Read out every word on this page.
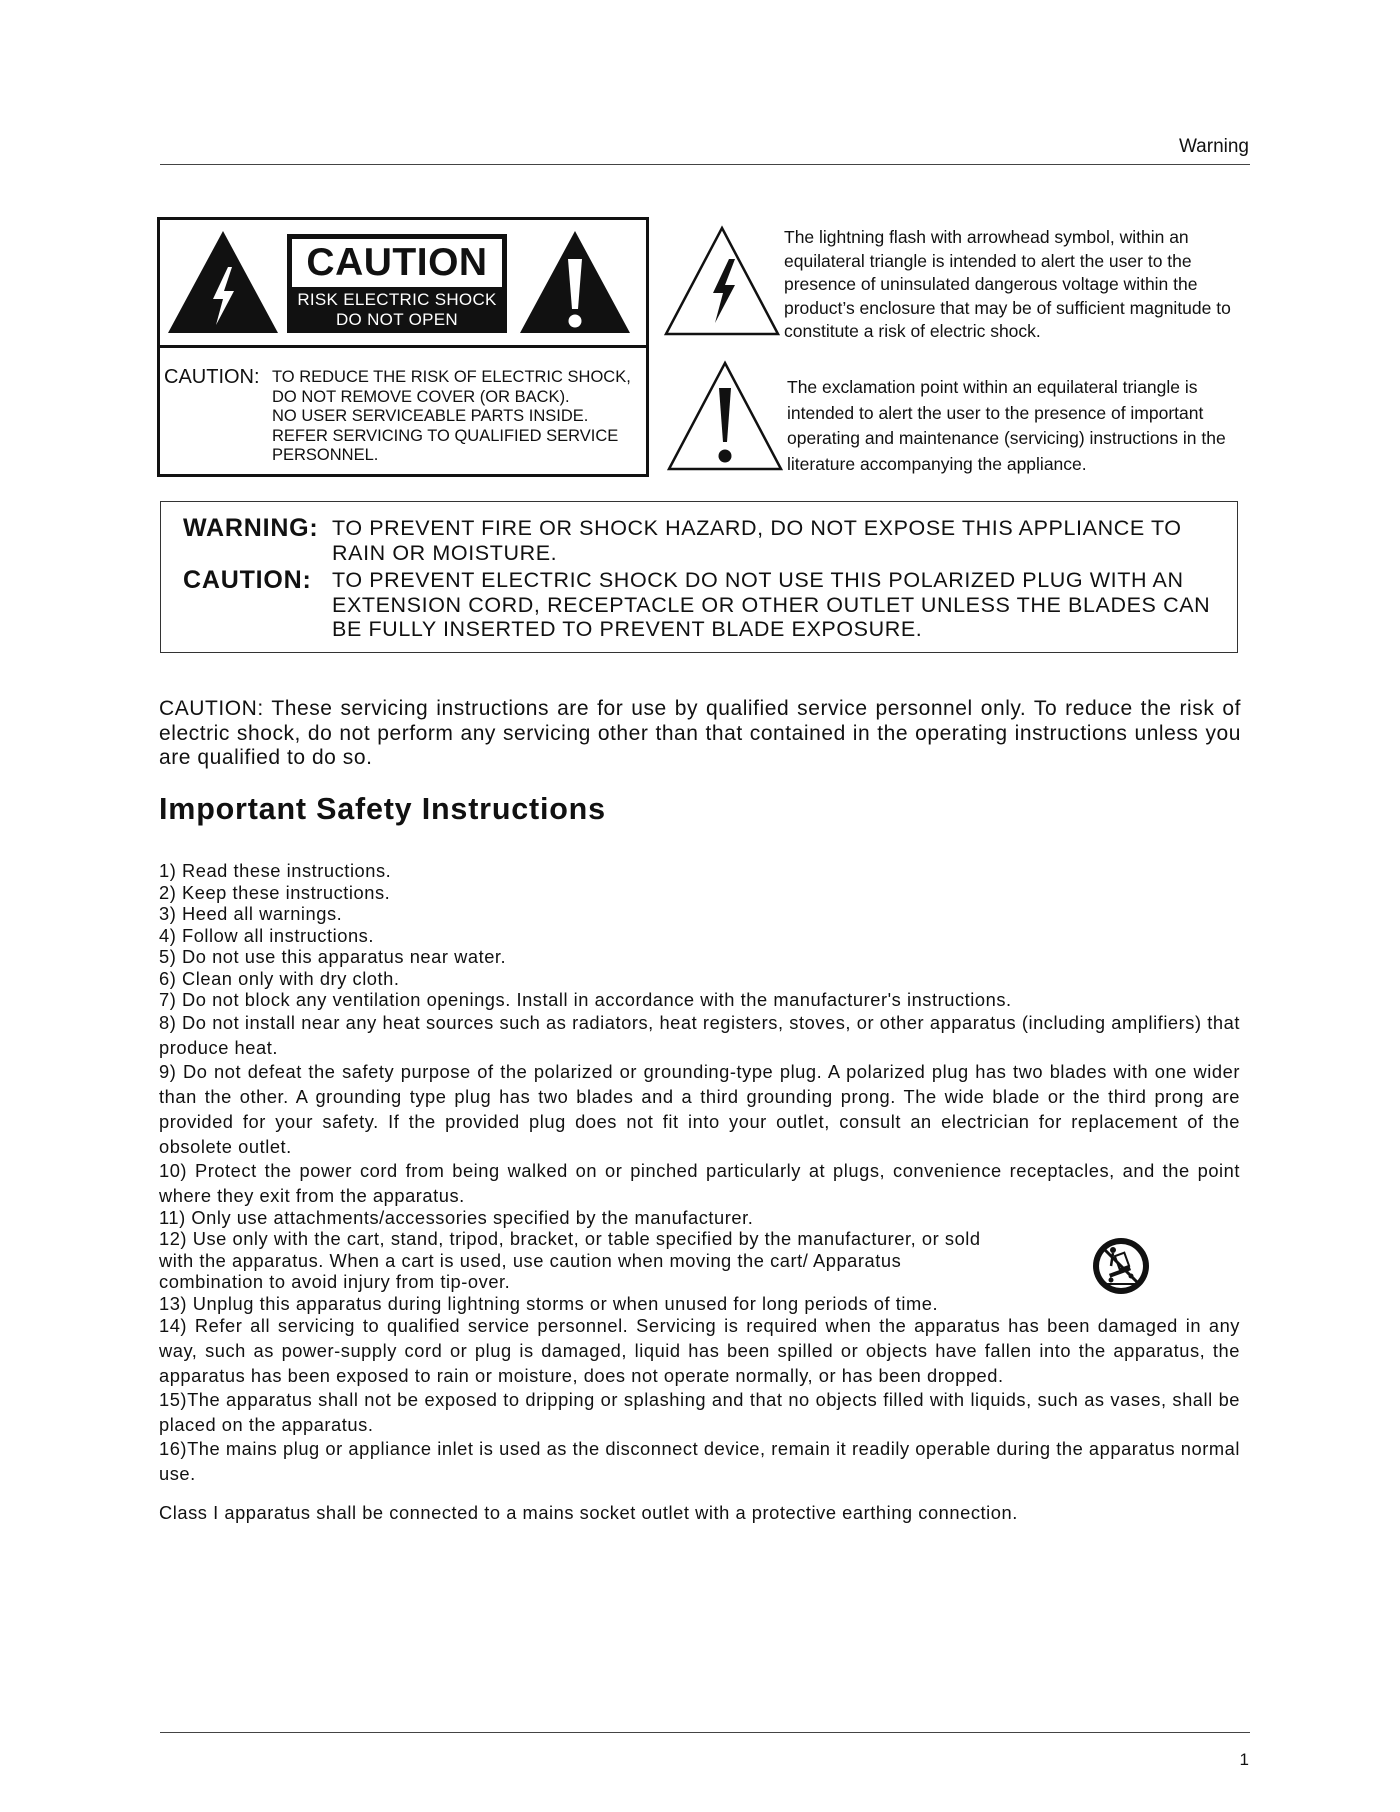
Warning
CAUTION
RISK ELECTRIC SHOCK
DO NOT OPEN
CAUTION: TO REDUCE THE RISK OF ELECTRIC SHOCK,
DO NOT REMOVE COVER (OR BACK).
NO USER SERVICEABLE PARTS INSIDE.
REFER SERVICING TO QUALIFIED SERVICE
PERSONNEL.
The lightning flash with arrowhead symbol, within an equilateral triangle is intended to alert the user to the presence of uninsulated dangerous voltage within the product’s enclosure that may be of sufficient magnitude to constitute a risk of electric shock.
The exclamation point within an equilateral triangle is intended to alert the user to the presence of important operating and maintenance (servicing) instructions in the literature accompanying the appliance.
WARNING: TO PREVENT FIRE OR SHOCK HAZARD, DO NOT EXPOSE THIS APPLIANCE TO RAIN OR MOISTURE.
CAUTION: TO PREVENT ELECTRIC SHOCK DO NOT USE THIS POLARIZED PLUG WITH AN EXTENSION CORD, RECEPTACLE OR OTHER OUTLET UNLESS THE BLADES CAN BE FULLY INSERTED TO PREVENT BLADE EXPOSURE.
CAUTION: These servicing instructions are for use by qualified service personnel only. To reduce the risk of electric shock, do not perform any servicing other than that contained in the operating instructions unless you are qualified to do so.
Important Safety Instructions

1) Read these instructions.

2) Keep these instructions.

3) Heed all warnings.

4) Follow all instructions.

5) Do not use this apparatus near water.

6) Clean only with dry cloth.

7) Do not block any ventilation openings. Install in accordance with the manufacturer's instructions.

8) Do not install near any heat sources such as radiators, heat registers, stoves, or other apparatus (including amplifiers) that produce heat.

9) Do not defeat the safety purpose of the polarized or grounding-type plug. A polarized plug has two blades with one wider than the other. A grounding type plug has two blades and a third grounding prong. The wide blade or the third prong are provided for your safety. If the provided plug does not fit into your outlet, consult an electrician for replacement of the obsolete outlet.

10) Protect the power cord from being walked on or pinched particularly at plugs, convenience receptacles, and the point where they exit from the apparatus.

11) Only use attachments/accessories specified by the manufacturer.

12) Use only with the cart, stand, tripod, bracket, or table specified by the manufacturer, or sold with the apparatus. When a cart is used, use caution when moving the cart/ Apparatus combination to avoid injury from tip-over.

13) Unplug this apparatus during lightning storms or when unused for long periods of time.

14) Refer all servicing to qualified service personnel. Servicing is required when the apparatus has been damaged in any way, such as power-supply cord or plug is damaged, liquid has been spilled or objects have fallen into the apparatus, the apparatus has been exposed to rain or moisture, does not operate normally, or has been dropped.

15)The apparatus shall not be exposed to dripping or splashing and that no objects filled with liquids, such as vases, shall be placed on the apparatus.

16)The mains plug or appliance inlet is used as the disconnect device, remain it readily operable during the apparatus normal use.

Class I apparatus shall be connected to a mains socket outlet with a protective earthing connection.
1
